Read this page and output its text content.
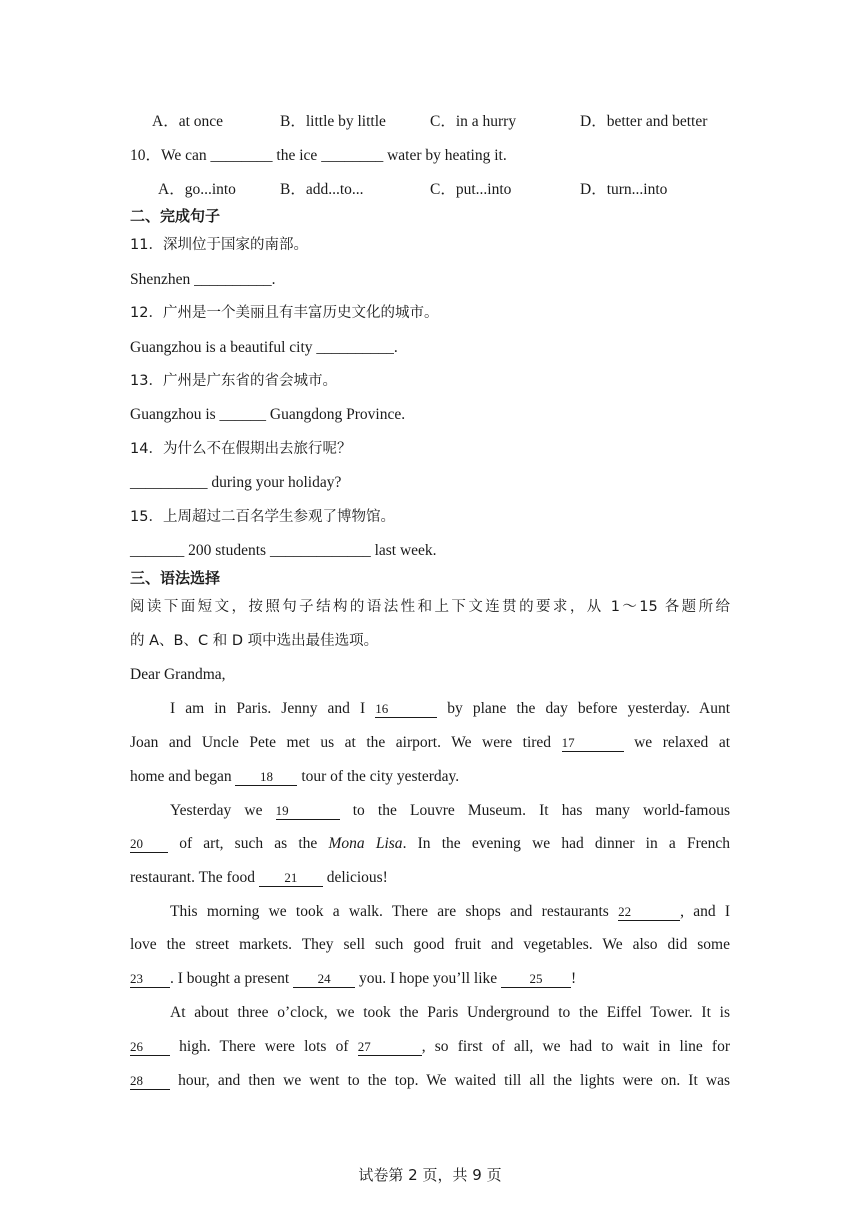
A．at once	B．little by little	C．in a hurry	D．better and better
10．We can ________ the ice ________ water by heating it.
A．go...into	B．add...to...	C．put...into	D．turn...into
二、完成句子
11．深圳位于国家的南部。
Shenzhen __________.
12．广州是一个美丽且有丰富历史文化的城市。
Guangzhou is a beautiful city __________.
13．广州是广东省的省会城市。
Guangzhou is ______ Guangdong Province.
14．为什么不在假期出去旅行呢？
__________ during your holiday?
15．上周超过二百名学生参观了博物馆。
_______ 200 students _____________ last week.
三、语法选择
阅读下面短文，按照句子结构的语法性和上下文连贯的要求，从 1～15 各题所给
的 A、B、C 和 D 项中选出最佳选项。
Dear Grandma,
I am in Paris. Jenny and I 16	by plane the day before yesterday. Aunt
Joan and Uncle Pete met us at the airport. We were tired 17	we relaxed at
home and began 18 tour of the city yesterday.
Yesterday we 19	to the Louvre Museum. It has many world-famous
20 of art, such as the Mona Lisa. In the evening we had dinner in a French
restaurant. The food 21 delicious!
This morning we took a walk. There are shops and restaurants 22	, and I
love the street markets. They sell such good fruit and vegetables. We also did some
23 . I bought a present 24 you. I hope you’ll like 25 !
At about three o’clock, we took the Paris Underground to the Eiffel Tower. It is
26 high. There were lots of 27	, so first of all, we had to wait in line for
28 hour, and then we went to the top. We waited till all the lights were on. It was
试卷第 2 页，共 9 页
